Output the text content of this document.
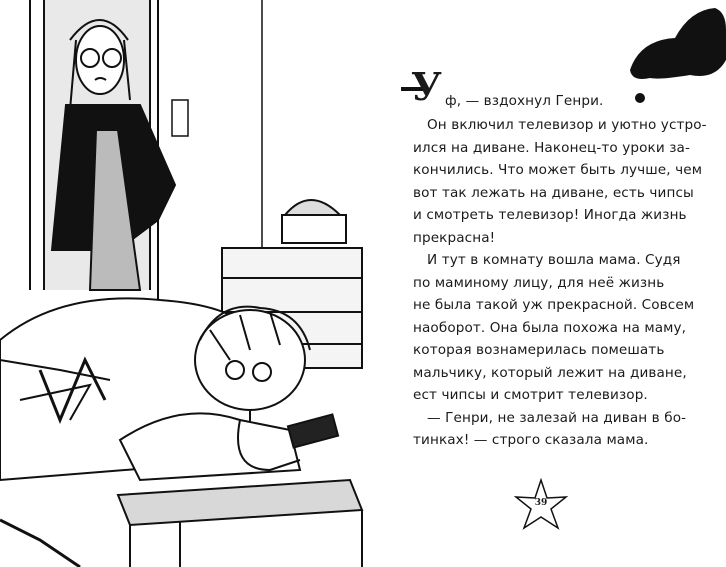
У ф, — вздохнул Генри.
Он включил телевизор и уютно устро-
ился на диване. Наконец-то уроки за-
кончились. Что может быть лучше, чем
вот так лежать на диване, есть чипсы
и смотреть телевизор! Иногда жизнь
прекрасна!
И тут в комнату вошла мама. Судя
по маминому лицу, для неё жизнь
не была такой уж прекрасной. Совсем
наоборот. Она была похожа на маму,
которая вознамерилась помешать
мальчику, который лежит на диване,
ест чипсы и смотрит телевизор.
— Генри, не залезай на диван в бо-
тинках! — строго сказала мама.
39
